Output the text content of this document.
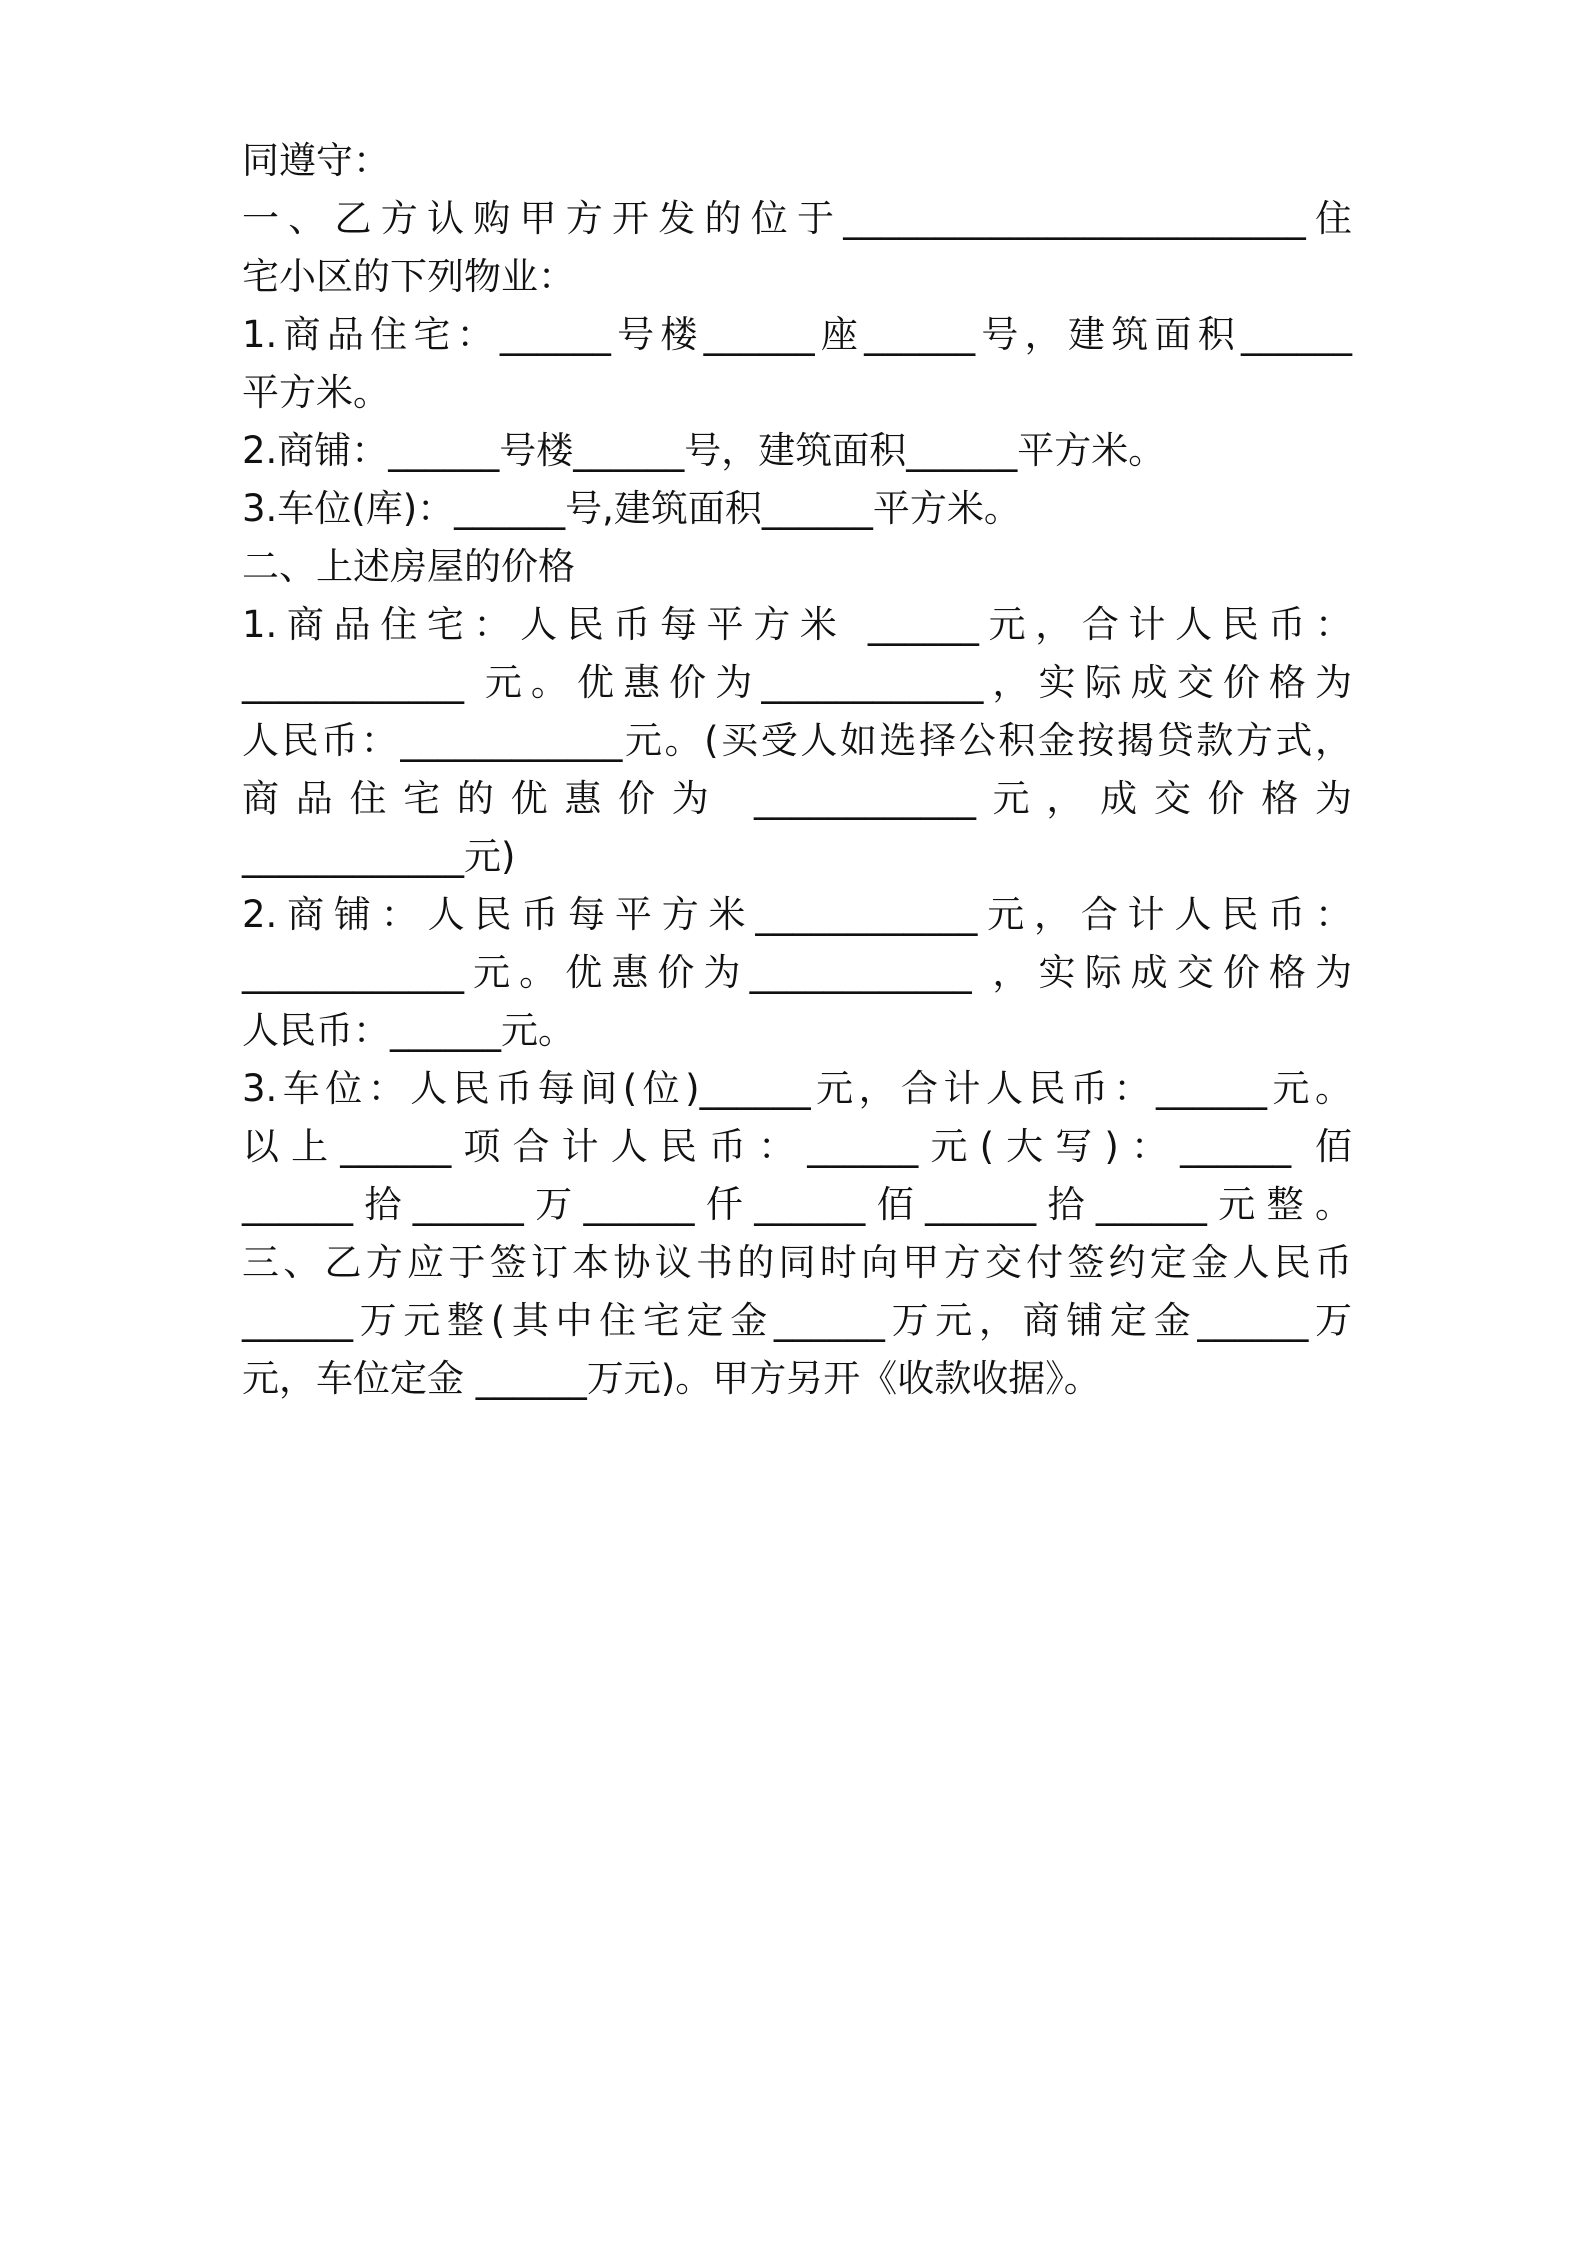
同遵守：

一、乙方认购甲方开发的位于_________________________住

宅小区的下列物业：

1.商品住宅：______号楼______座______号，建筑面积______

平方米。

2.商铺：______号楼______号，建筑面积______平方米。

3.车位(库)：______号,建筑面积______平方米。

二、上述房屋的价格

1.商品住宅：人民币每平方米 ______元，合计人民币：

____________ 元。优惠价为____________，实际成交价格为

人民币：____________元。(买受人如选择公积金按揭贷款方式，

商品住宅的优惠价为 ____________元，成交价格为

____________元)

2.商铺：人民币每平方米____________元，合计人民币：

____________元。优惠价为____________ ，实际成交价格为

人民币：______元。

3.车位：人民币每间(位)______元，合计人民币：______元。

以上______项合计人民币：______元(大写)：______ 佰

______拾______万______仟______佰______拾______元整。

三、乙方应于签订本协议书的同时向甲方交付签约定金人民币

______万元整(其中住宅定金______万元，商铺定金______万

元，车位定金 ______万元)。甲方另开《收款收据》。
